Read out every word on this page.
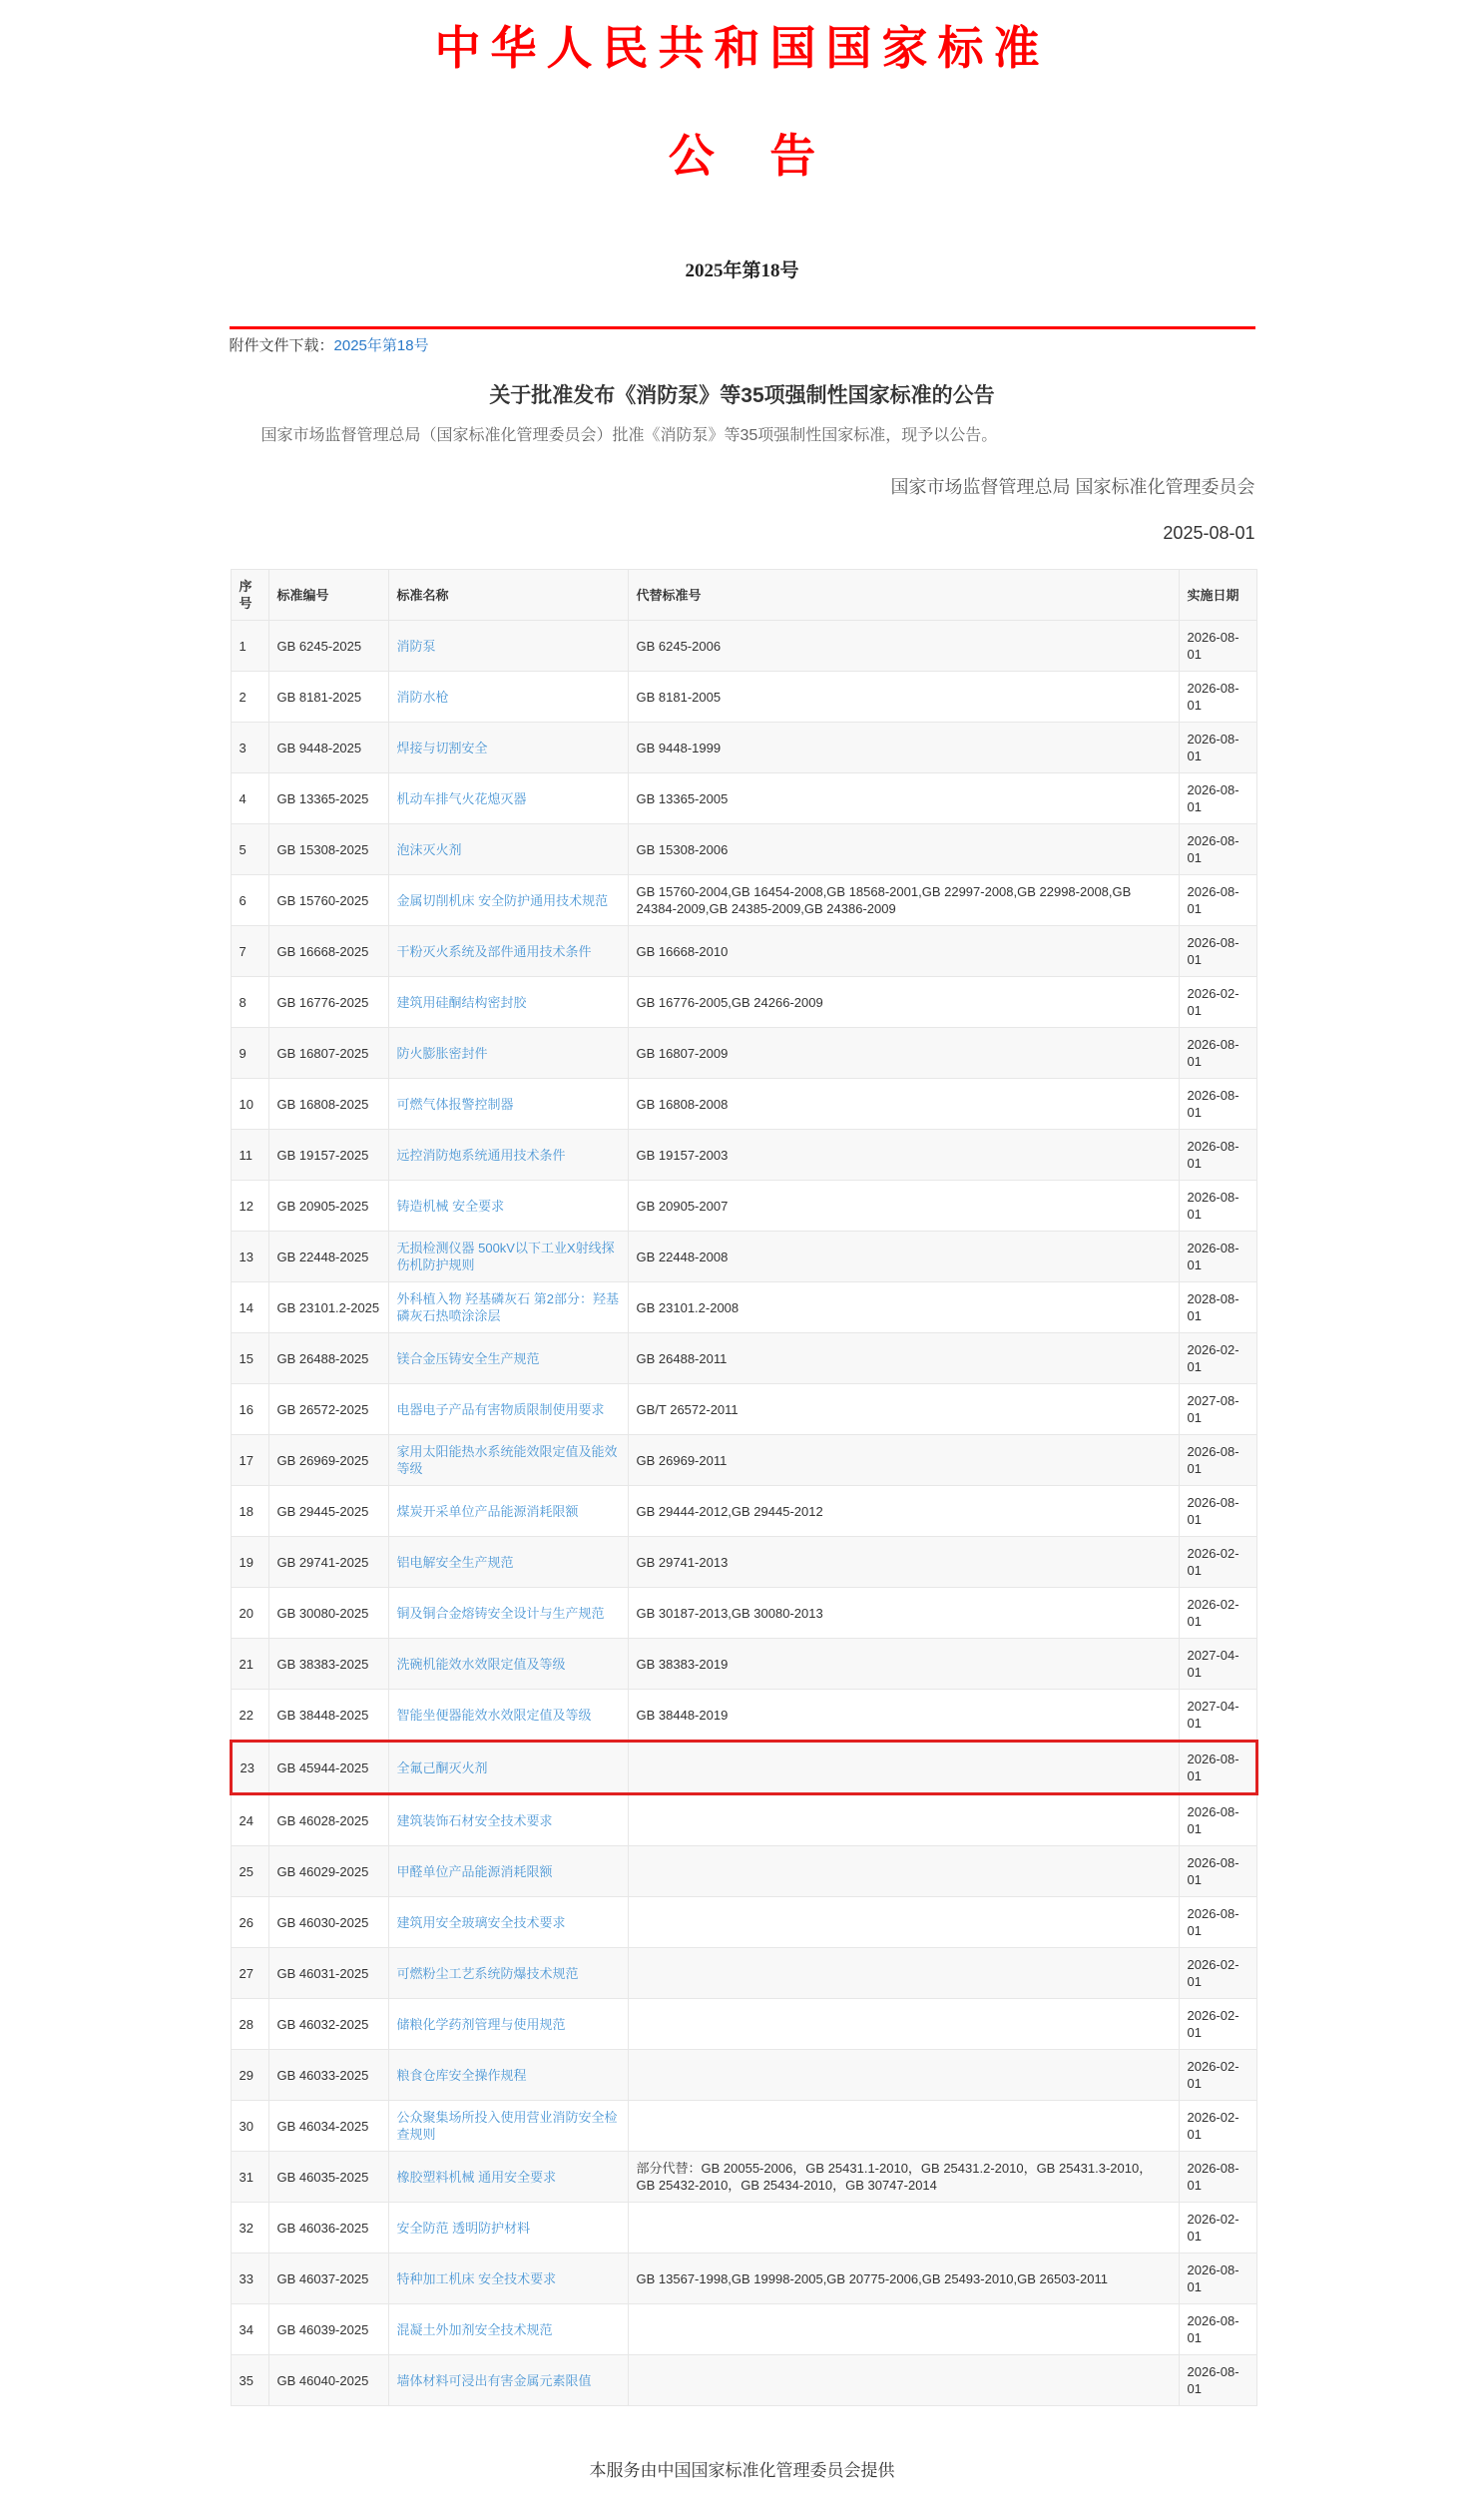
中华人民共和国国家标准
公 告
2025年第18号
附件文件下载：2025年第18号
关于批准发布《消防泵》等35项强制性国家标准的公告
国家市场监督管理总局（国家标准化管理委员会）批准《消防泵》等35项强制性国家标准，现予以公告。
国家市场监督管理总局 国家标准化管理委员会
2025-08-01
序号	标准编号	标准名称	代替标准号	实施日期
1	GB 6245-2025	消防泵	GB 6245-2006	2026-08-01
2	GB 8181-2025	消防水枪	GB 8181-2005	2026-08-01
3	GB 9448-2025	焊接与切割安全	GB 9448-1999	2026-08-01
4	GB 13365-2025	机动车排气火花熄灭器	GB 13365-2005	2026-08-01
5	GB 15308-2025	泡沫灭火剂	GB 15308-2006	2026-08-01
6	GB 15760-2025	金属切削机床 安全防护通用技术规范	GB 15760-2004,GB 16454-2008,GB 18568-2001,GB 22997-2008,GB 22998-2008,GB 24384-2009,GB 24385-2009,GB 24386-2009	2026-08-01
7	GB 16668-2025	干粉灭火系统及部件通用技术条件	GB 16668-2010	2026-08-01
8	GB 16776-2025	建筑用硅酮结构密封胶	GB 16776-2005,GB 24266-2009	2026-02-01
9	GB 16807-2025	防火膨胀密封件	GB 16807-2009	2026-08-01
10	GB 16808-2025	可燃气体报警控制器	GB 16808-2008	2026-08-01
11	GB 19157-2025	远控消防炮系统通用技术条件	GB 19157-2003	2026-08-01
12	GB 20905-2025	铸造机械 安全要求	GB 20905-2007	2026-08-01
13	GB 22448-2025	无损检测仪器 500kV以下工业X射线探伤机防护规则	GB 22448-2008	2026-08-01
14	GB 23101.2-2025	外科植入物 羟基磷灰石 第2部分：羟基磷灰石热喷涂涂层	GB 23101.2-2008	2028-08-01
15	GB 26488-2025	镁合金压铸安全生产规范	GB 26488-2011	2026-02-01
16	GB 26572-2025	电器电子产品有害物质限制使用要求	GB/T 26572-2011	2027-08-01
17	GB 26969-2025	家用太阳能热水系统能效限定值及能效等级	GB 26969-2011	2026-08-01
18	GB 29445-2025	煤炭开采单位产品能源消耗限额	GB 29444-2012,GB 29445-2012	2026-08-01
19	GB 29741-2025	铝电解安全生产规范	GB 29741-2013	2026-02-01
20	GB 30080-2025	铜及铜合金熔铸安全设计与生产规范	GB 30187-2013,GB 30080-2013	2026-02-01
21	GB 38383-2025	洗碗机能效水效限定值及等级	GB 38383-2019	2027-04-01
22	GB 38448-2025	智能坐便器能效水效限定值及等级	GB 38448-2019	2027-04-01
23	GB 45944-2025	全氟己酮灭火剂		2026-08-01
24	GB 46028-2025	建筑装饰石材安全技术要求		2026-08-01
25	GB 46029-2025	甲醛单位产品能源消耗限额		2026-08-01
26	GB 46030-2025	建筑用安全玻璃安全技术要求		2026-08-01
27	GB 46031-2025	可燃粉尘工艺系统防爆技术规范		2026-02-01
28	GB 46032-2025	储粮化学药剂管理与使用规范		2026-02-01
29	GB 46033-2025	粮食仓库安全操作规程		2026-02-01
30	GB 46034-2025	公众聚集场所投入使用营业消防安全检查规则		2026-02-01
31	GB 46035-2025	橡胶塑料机械 通用安全要求	部分代替：GB 20055-2006，GB 25431.1-2010，GB 25431.2-2010，GB 25431.3-2010，GB 25432-2010，GB 25434-2010，GB 30747-2014	2026-08-01
32	GB 46036-2025	安全防范 透明防护材料		2026-02-01
33	GB 46037-2025	特种加工机床 安全技术要求	GB 13567-1998,GB 19998-2005,GB 20775-2006,GB 25493-2010,GB 26503-2011	2026-08-01
34	GB 46039-2025	混凝土外加剂安全技术规范		2026-08-01
35	GB 46040-2025	墙体材料可浸出有害金属元素限值		2026-08-01
本服务由中国国家标准化管理委员会提供
